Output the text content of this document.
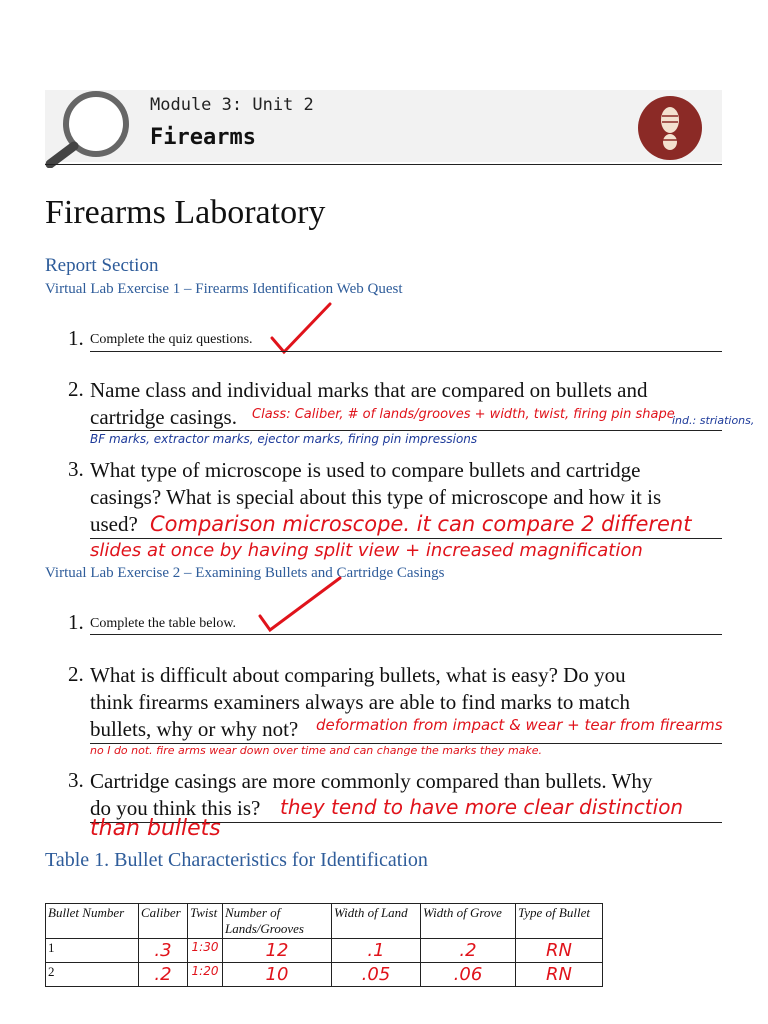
Module 3: Unit 2
Firearms
Firearms Laboratory
Report Section
Virtual Lab Exercise 1 – Firearms Identification Web Quest
1. Complete the quiz questions.
2. Name class and individual marks that are compared on bullets and
cartridge casings. Class: Caliber, # of lands/grooves + width, twist, firing pin shape
ind.: striations,
BF marks, extractor marks, ejector marks, firing pin impressions
3. What type of microscope is used to compare bullets and cartridge
casings? What is special about this type of microscope and how it is
used? Comparison microscope. it can compare 2 different
slides at once by having split view + increased magnification
Virtual Lab Exercise 2 – Examining Bullets and Cartridge Casings
1. Complete the table below.
2. What is difficult about comparing bullets, what is easy? Do you
think firearms examiners always are able to find marks to match
bullets, why or why not? deformation from impact & wear + tear from firearms
no I do not. fire arms wear down over time and can change the marks they make.
3. Cartridge casings are more commonly compared than bullets. Why
do you think this is? they tend to have more clear distinction
than bullets
Table 1. Bullet Characteristics for Identification
Bullet Number	Caliber	Twist	Number of Lands/Grooves	Width of Land	Width of Grove	Type of Bullet
1	.3	1:30	12	.1	.2	RN
2	.2	1:20	10	.05	.06	RN
